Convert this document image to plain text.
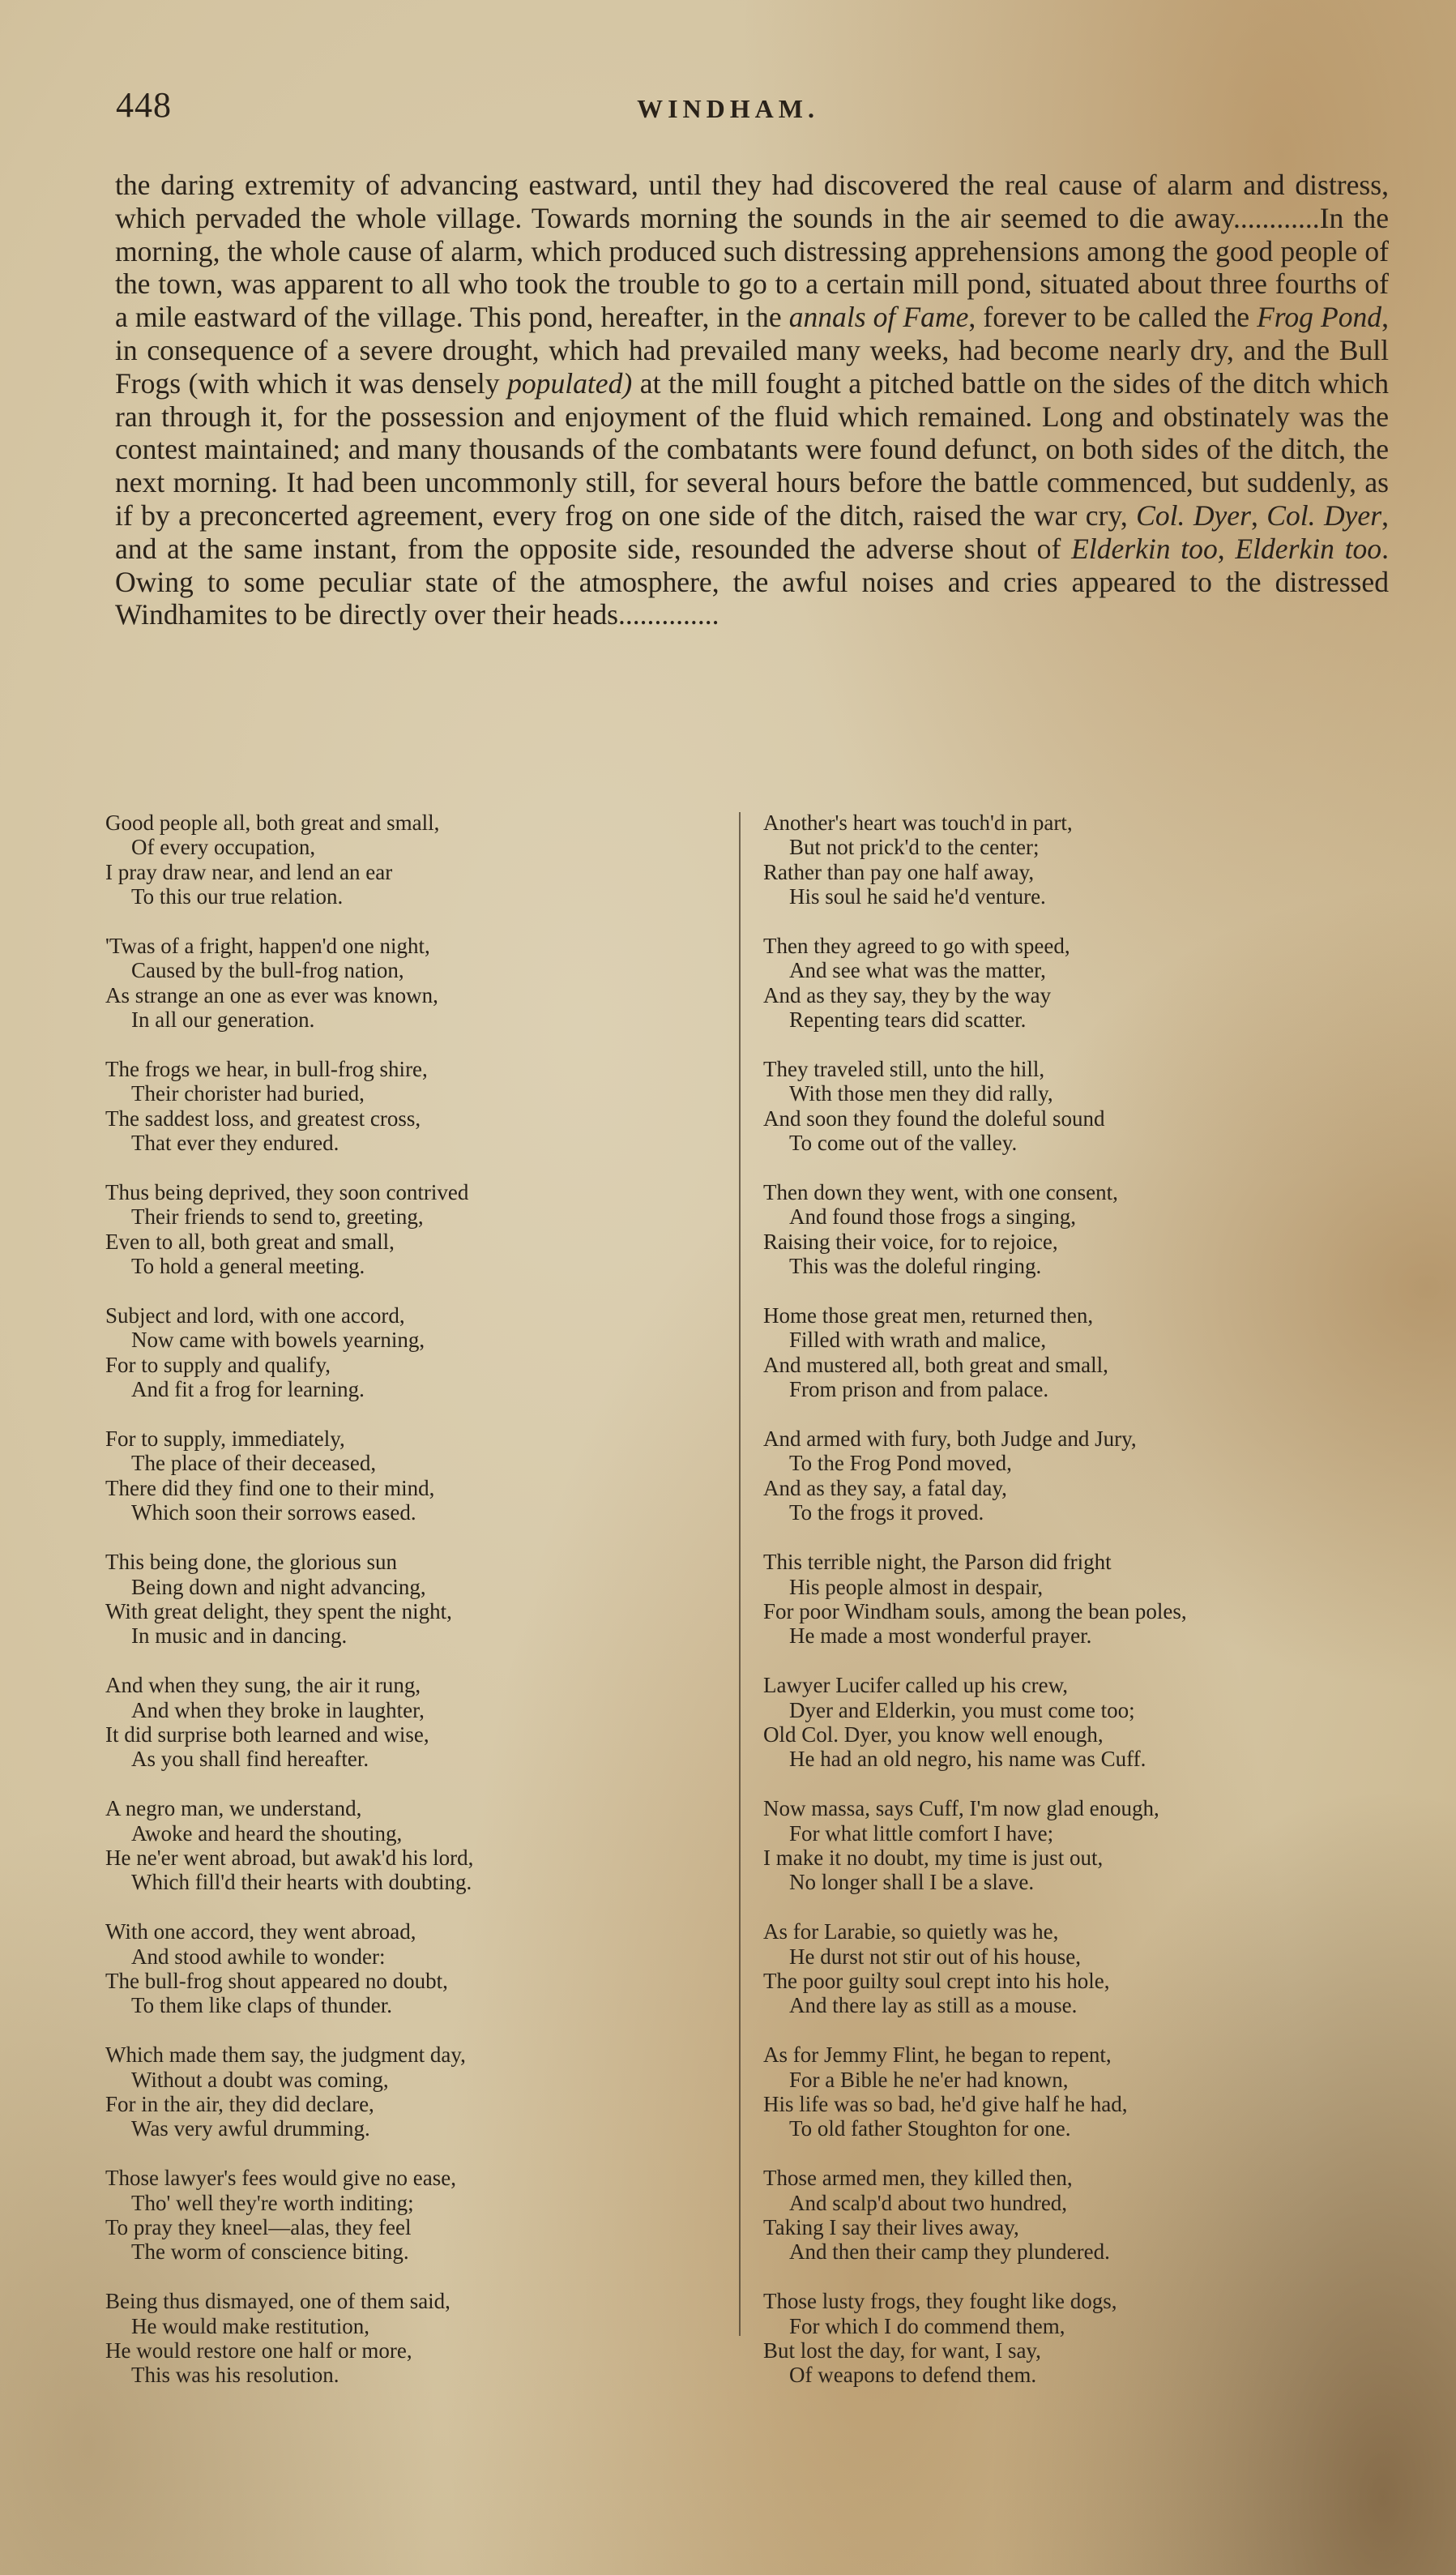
448	WINDHAM.

the daring extremity of advancing eastward, until they had discovered the real cause of alarm and distress, which pervaded the whole village. Towards morning the sounds in the air seemed to die away............In the morning, the whole cause of alarm, which produced such distressing apprehensions among the good people of the town, was apparent to all who took the trouble to go to a certain mill pond, situated about three fourths of a mile eastward of the village. This pond, hereafter, in the annals of Fame, forever to be called the Frog Pond, in consequence of a severe drought, which had prevailed many weeks, had become nearly dry, and the Bull Frogs (with which it was densely populated) at the mill fought a pitched battle on the sides of the ditch which ran through it, for the possession and enjoyment of the fluid which remained. Long and obstinately was the contest maintained; and many thousands of the combatants were found defunct, on both sides of the ditch, the next morning. It had been uncommonly still, for several hours before the battle commenced, but suddenly, as if by a preconcerted agreement, every frog on one side of the ditch, raised the war cry, Col. Dyer, Col. Dyer, and at the same instant, from the opposite side, resounded the adverse shout of Elderkin too, Elderkin too. Owing to some peculiar state of the atmosphere, the awful noises and cries appeared to the distressed Windhamites to be directly over their heads..............

Good people all, both great and small,
Of every occupation,
I pray draw near, and lend an ear
To this our true relation.
'Twas of a fright, happen'd one night,
Caused by the bull-frog nation,
As strange an one as ever was known,
In all our generation.
The frogs we hear, in bull-frog shire,
Their chorister had buried,
The saddest loss, and greatest cross,
That ever they endured.
Thus being deprived, they soon contrived
Their friends to send to, greeting,
Even to all, both great and small,
To hold a general meeting.
Subject and lord, with one accord,
Now came with bowels yearning,
For to supply and qualify,
And fit a frog for learning.
For to supply, immediately,
The place of their deceased,
There did they find one to their mind,
Which soon their sorrows eased.
This being done, the glorious sun
Being down and night advancing,
With great delight, they spent the night,
In music and in dancing.
And when they sung, the air it rung,
And when they broke in laughter,
It did surprise both learned and wise,
As you shall find hereafter.
A negro man, we understand,
Awoke and heard the shouting,
He ne'er went abroad, but awak'd his lord,
Which fill'd their hearts with doubting.
With one accord, they went abroad,
And stood awhile to wonder:
The bull-frog shout appeared no doubt,
To them like claps of thunder.
Which made them say, the judgment day,
Without a doubt was coming,
For in the air, they did declare,
Was very awful drumming.
Those lawyer's fees would give no ease,
Tho' well they're worth inditing;
To pray they kneel—alas, they feel
The worm of conscience biting.
Being thus dismayed, one of them said,
He would make restitution,
He would restore one half or more,
This was his resolution.
Another's heart was touch'd in part,
But not prick'd to the center;
Rather than pay one half away,
His soul he said he'd venture.
Then they agreed to go with speed,
And see what was the matter,
And as they say, they by the way
Repenting tears did scatter.
They traveled still, unto the hill,
With those men they did rally,
And soon they found the doleful sound
To come out of the valley.
Then down they went, with one consent,
And found those frogs a singing,
Raising their voice, for to rejoice,
This was the doleful ringing.
Home those great men, returned then,
Filled with wrath and malice,
And mustered all, both great and small,
From prison and from palace.
And armed with fury, both Judge and Jury,
To the Frog Pond moved,
And as they say, a fatal day,
To the frogs it proved.
This terrible night, the Parson did fright
His people almost in despair,
For poor Windham souls, among the bean poles,
He made a most wonderful prayer.
Lawyer Lucifer called up his crew,
Dyer and Elderkin, you must come too;
Old Col. Dyer, you know well enough,
He had an old negro, his name was Cuff.
Now massa, says Cuff, I'm now glad enough,
For what little comfort I have;
I make it no doubt, my time is just out,
No longer shall I be a slave.
As for Larabie, so quietly was he,
He durst not stir out of his house,
The poor guilty soul crept into his hole,
And there lay as still as a mouse.
As for Jemmy Flint, he began to repent,
For a Bible he ne'er had known,
His life was so bad, he'd give half he had,
To old father Stoughton for one.
Those armed men, they killed then,
And scalp'd about two hundred,
Taking I say their lives away,
And then their camp they plundered.
Those lusty frogs, they fought like dogs,
For which I do commend them,
But lost the day, for want, I say,
Of weapons to defend them.
